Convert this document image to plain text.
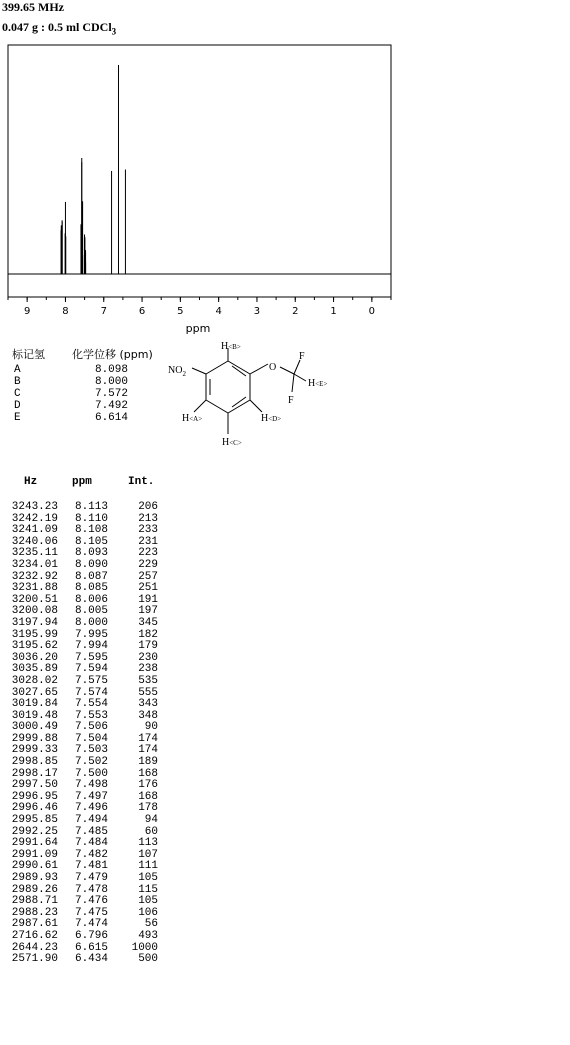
399.65 MHz
0.047 g : 0.5 ml CDCl$_3$
9	8	7	6	5	4	3	2	1	0
ppm
标记氢 化学位移 (ppm)
A	8.098
B	8.000
C	7.572
D	7.492
E	6.614
H<B>
O
F
F
H<E>
$NO_2$
H<A>	H<D>
H<C>
Hz	ppm	Int.
3243.23 8.113	206
3242.19 8.110	213
3241.09 8.108	233
3240.06 8.105	231
3235.11 8.093	223
3234.01 8.090	229
3232.92 8.087	257
3231.88 8.085	251
3200.51 8.006	191
3200.08 8.005	197
3197.94 8.000	345
3195.99 7.995	182
3195.62 7.994	179
3036.20 7.595	230
3035.89 7.594	238
3028.02 7.575	535
3027.65 7.574	555
3019.84 7.554	343
3019.48 7.553	348
3000.49 7.506	90
2999.88 7.504	174
2999.33 7.503	174
2998.85 7.502	189
2998.17 7.500	168
2997.50 7.498	176
2996.95 7.497	168
2996.46 7.496	178
2995.85 7.494	94
2992.25 7.485	60
2991.64 7.484	113
2991.09 7.482	107
2990.61 7.481	111
2989.93 7.479	105
2989.26 7.478	115
2988.71 7.476	105
2988.23 7.475	106
2987.61 7.474	56
2716.62 6.796	493
2644.23 6.615 1000
2571.90 6.434	500
